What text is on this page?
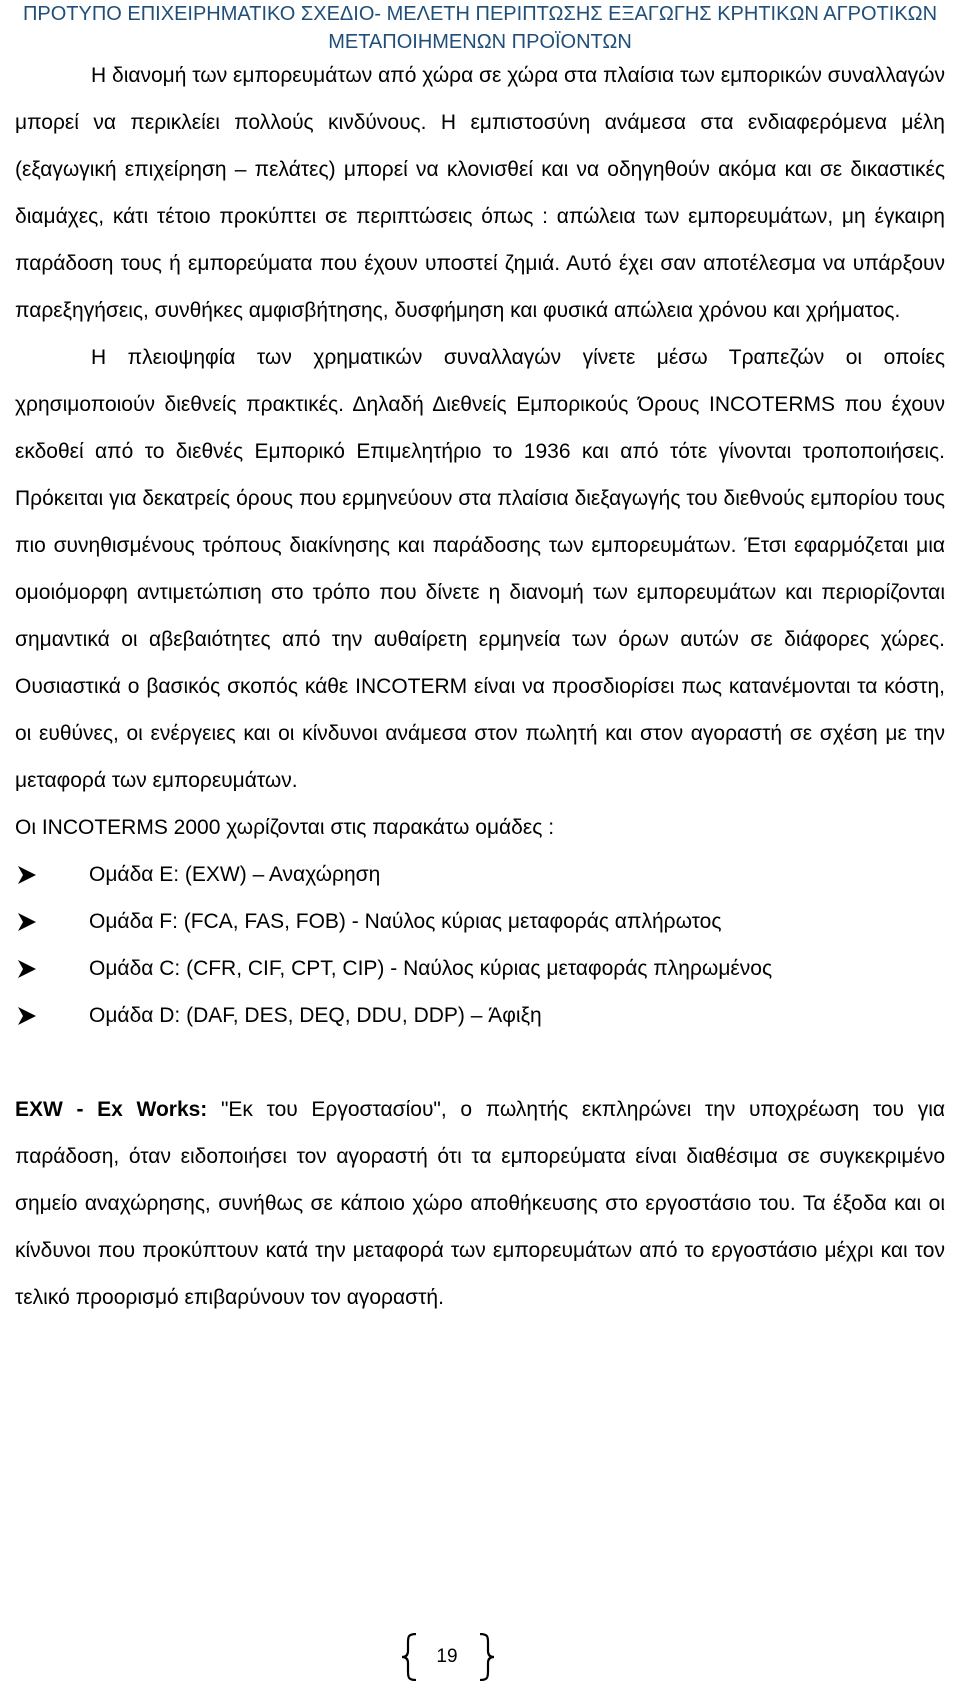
ΠΡΟΤΥΠΟ ΕΠΙΧΕΙΡΗΜΑΤΙΚΟ ΣΧΕΔΙΟ- ΜΕΛΕΤΗ ΠΕΡΙΠΤΩΣΗΣ ΕΞΑΓΩΓΗΣ ΚΡΗΤΙΚΩΝ ΑΓΡΟΤΙΚΩΝ
ΜΕΤΑΠΟΙΗΜΕΝΩΝ ΠΡΟΪΟΝΤΩΝ

Η διανομή των εμπορευμάτων από χώρα σε χώρα στα πλαίσια των εμπορικών συναλλαγών μπορεί να περικλείει πολλούς κινδύνους. Η εμπιστοσύνη ανάμεσα στα ενδιαφερόμενα μέλη (εξαγωγική επιχείρηση – πελάτες) μπορεί να κλονισθεί και να οδηγηθούν ακόμα και σε δικαστικές διαμάχες, κάτι τέτοιο προκύπτει σε περιπτώσεις όπως : απώλεια των εμπορευμάτων, μη έγκαιρη παράδοση τους ή εμπορεύματα που έχουν υποστεί ζημιά. Αυτό έχει σαν αποτέλεσμα να υπάρξουν παρεξηγήσεις, συνθήκες αμφισβήτησης, δυσφήμηση και φυσικά απώλεια χρόνου και χρήματος.

Η πλειοψηφία των χρηματικών συναλλαγών γίνετε μέσω Τραπεζών οι οποίες χρησιμοποιούν διεθνείς πρακτικές. Δηλαδή Διεθνείς Εμπορικούς Όρους INCOTERMS που έχουν εκδοθεί από το διεθνές Εμπορικό Επιμελητήριο το 1936 και από τότε γίνονται τροποποιήσεις. Πρόκειται για δεκατρείς όρους που ερμηνεύουν στα πλαίσια διεξαγωγής του διεθνούς εμπορίου τους πιο συνηθισμένους τρόπους διακίνησης και παράδοσης των εμπορευμάτων. Έτσι εφαρμόζεται μια ομοιόμορφη αντιμετώπιση στο τρόπο που δίνετε η διανομή των εμπορευμάτων και περιορίζονται σημαντικά οι αβεβαιότητες από την αυθαίρετη ερμηνεία των όρων αυτών σε διάφορες χώρες. Ουσιαστικά ο βασικός σκοπός κάθε INCOTERM είναι να προσδιορίσει πως κατανέμονται τα κόστη, οι ευθύνες, οι ενέργειες και οι κίνδυνοι ανάμεσα στον πωλητή και στον αγοραστή σε σχέση με την μεταφορά των εμπορευμάτων.

Οι INCOTERMS 2000 χωρίζονται στις παρακάτω ομάδες :

Ομάδα Ε: (EXW) – Αναχώρηση
Ομάδα F: (FCA, FAS, FOB) - Ναύλος κύριας μεταφοράς απλήρωτος
Ομάδα C: (CFR, CIF, CPT, CIP) - Ναύλος κύριας μεταφοράς πληρωμένος
Ομάδα D: (DAF, DES, DEQ, DDU, DDP) – Άφιξη

EXW - Ex Works: "Εκ του Εργοστασίου", ο πωλητής εκπληρώνει την υποχρέωση του για παράδοση, όταν ειδοποιήσει τον αγοραστή ότι τα εμπορεύματα είναι διαθέσιμα σε συγκεκριμένο σημείο αναχώρησης, συνήθως σε κάποιο χώρο αποθήκευσης στο εργοστάσιο του. Τα έξοδα και οι κίνδυνοι που προκύπτουν κατά την μεταφορά των εμπορευμάτων από το εργοστάσιο μέχρι και τον τελικό προορισμό επιβαρύνουν τον αγοραστή.

19
